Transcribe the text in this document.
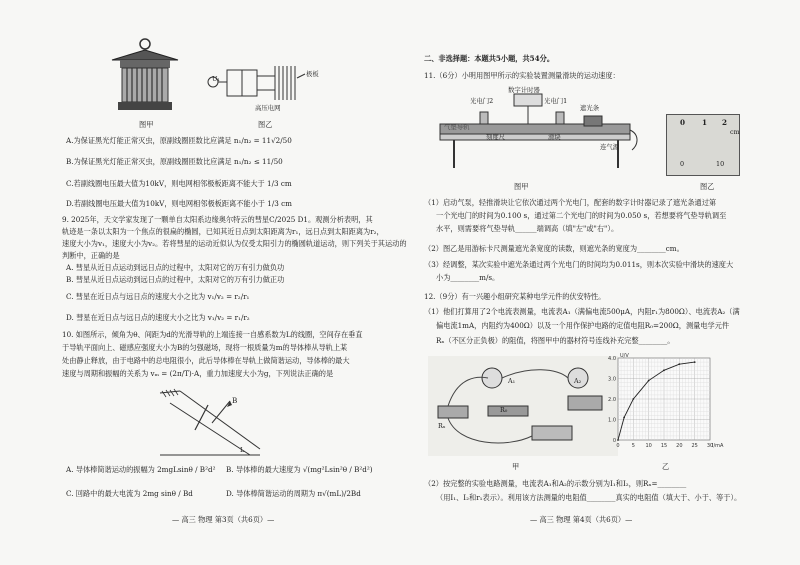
图甲
U₁
极板
高压电网
图乙
A.为保证黑光灯能正常灭虫，原副线圈匝数比应满足 n₁/n₂ = 11√2/50
B.为保证黑光灯能正常灭虫，原副线圈匝数比应满足 n₁/n₂ ≤ 11/50
C.若副线圈电压最大值为10kV，则电网相邻极板距离不能大于 1/3 cm
D.若副线圈电压最大值为10kV，则电网相邻极板距离不能小于 1/3 cm
9. 2025年，天文学家发现了一颗单自太阳系边缘奥尔特云的彗星C/2025 D1。观测分析表明，其
轨迹是一条以太阳为一个焦点的很扁的椭圆，已知其近日点到太阳距离为r₁，远日点到太阳距离为r₂，
速度大小为v₁，速度大小为v₂。若将彗星的运动近似认为仅受太阳引力的椭圆轨道运动，则下列关于其运动的
判断中，正确的是
A. 彗星从近日点运动到远日点的过程中，太阳对它的万有引力做负功
B. 彗星从近日点运动到远日点的过程中，太阳对它的万有引力做正功
C. 彗星在近日点与远日点的速度大小之比为 v₁/v₂ = r₂/r₁
D. 彗星在近日点与远日点的速度大小之比为 v₁/v₂ = r₁/r₂
10. 如图所示，倾角为θ、间距为d的光滑导轨的上端连接一自感系数为L的线圈，空间存在垂直
于导轨平面向上、磁感应强度大小为B的匀强磁场，现将一根质量为m的导体棒从导轨上某
处由静止释放，由于电路中的总电阻很小，此后导体棒在导轨上做简谐运动，导体棒的最大
速度与周期和振幅的关系为 vₘ = (2π/T)·A，重力加速度大小为g，下列说法正确的是
B
L
A. 导体棒简谐运动的振幅为 2mgLsinθ / B²d² B. 导体棒的最大速度为 √(mg²Lsin²θ / B²d²)
C. 回路中的最大电流为 2mg sinθ / Bd	D. 导体棒简谐运动的周期为 π√(mL)/2Bd
— 高三 物理 第3页（共6页）—
二、非选择题：本题共5小题，共54分。
11.（6分）小明用图甲所示的实验装置测量滑块的运动速度：
数字计时器
光电门2	光电门1
遮光条
气垫导轨
刻度尺	滑块
连气源
图甲
0 1 2
cm
0	10
图乙
（1）启动气泵，轻推滑块让它依次通过两个光电门，配套的数字计时器记录了遮光条通过第
一个光电门的时间为0.100 s，通过第二个光电门的时间为0.050 s，若想要将气垫导轨调至
水平，则需要将气垫导轨______端调高（填"左"或"右"）。
（2）图乙是用游标卡尺测量遮光条宽度的读数，则遮光条的宽度为________cm。
（3）经调整，某次实验中遮光条通过两个光电门的时间均为0.011s，则本次实验中滑块的速度大
小为________m/s。
12.（9分）有一兴趣小组研究某种电学元件的伏安特性。
（1）他们打算用了2个电流表测量，电流表A₁（满偏电流500μA，内阻r₁为800Ω）、电流表A₂（满
偏电流1mA，内阻约为400Ω）以及一个用作保护电路的定值电阻R₀=200Ω，测量电学元件
Rₓ（不区分正负极）的阻值，将图甲中的器材符号连线补充完整________。
A₁	A₂
R₀
Rₓ
甲
4.0
3.0
2.0
1.0
0
0 5 10 15 20 25 30
U/V
I/mA
乙
（2）按完整的实验电路测量，电流表A₁和A₂的示数分别为I₁和I₂，则Rₓ=________
（用I₁、I₂和r₁表示）。利用该方法测量的电阻值________真实的电阻值（填大于、小于、等于）。
— 高三 物理 第4页（共6页）—
